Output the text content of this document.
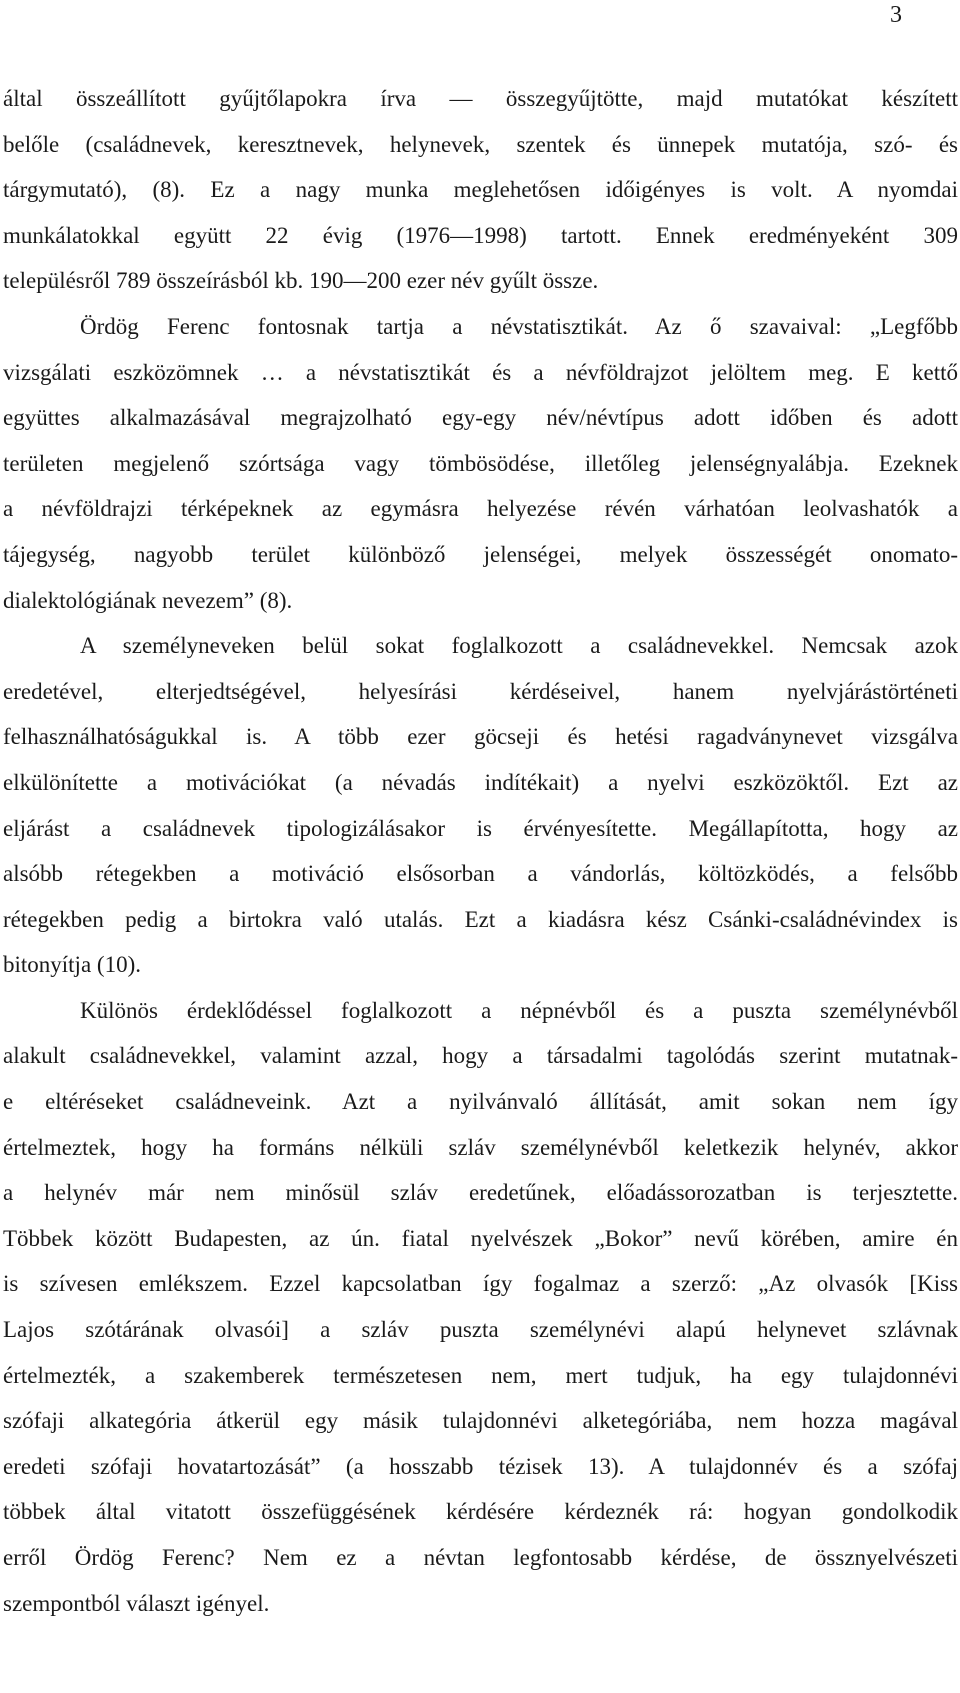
3
által összeállított gyűjtőlapokra írva — összegyűjtötte, majd mutatókat készített
belőle (családnevek, keresztnevek, helynevek, szentek és ünnepek mutatója, szó- és
tárgymutató), (8). Ez a nagy munka meglehetősen időigényes is volt. A nyomdai
munkálatokkal együtt 22 évig (1976—1998) tartott. Ennek eredményeként 309
településről 789 összeírásból kb. 190—200 ezer név gyűlt össze.
Ördög Ferenc fontosnak tartja a névstatisztikát. Az ő szavaival: „Legfőbb
vizsgálati eszközömnek … a névstatisztikát és a névföldrajzot jelöltem meg. E kettő
együttes alkalmazásával megrajzolható egy-egy név/névtípus adott időben és adott
területen megjelenő szórtsága vagy tömbösödése, illetőleg jelenségnyalábja. Ezeknek
a névföldrajzi térképeknek az egymásra helyezése révén várhatóan leolvashatók a
tájegység, nagyobb terület különböző jelenségei, melyek összességét onomato-
dialektológiának nevezem” (8).
A személyneveken belül sokat foglalkozott a családnevekkel. Nemcsak azok
eredetével, elterjedtségével, helyesírási kérdéseivel, hanem nyelvjárástörténeti
felhasználhatóságukkal is. A több ezer göcseji és hetési ragadványnevet vizsgálva
elkülönítette a motivációkat (a névadás indítékait) a nyelvi eszközöktől. Ezt az
eljárást a családnevek tipologizálásakor is érvényesítette. Megállapította, hogy az
alsóbb rétegekben a motiváció elsősorban a vándorlás, költözködés, a felsőbb
rétegekben pedig a birtokra való utalás. Ezt a kiadásra kész Csánki-családnévindex is
bitonyítja (10).
Különös érdeklődéssel foglalkozott a népnévből és a puszta személynévből
alakult családnevekkel, valamint azzal, hogy a társadalmi tagolódás szerint mutatnak-
e eltéréseket családneveink. Azt a nyilvánvaló állítását, amit sokan nem így
értelmeztek, hogy ha formáns nélküli szláv személynévből keletkezik helynév, akkor
a helynév már nem minősül szláv eredetűnek, előadássorozatban is terjesztette.
Többek között Budapesten, az ún. fiatal nyelvészek „Bokor” nevű körében, amire én
is szívesen emlékszem. Ezzel kapcsolatban így fogalmaz a szerző: „Az olvasók [Kiss
Lajos szótárának olvasói] a szláv puszta személynévi alapú helynevet szlávnak
értelmezték, a szakemberek természetesen nem, mert tudjuk, ha egy tulajdonnévi
szófaji alkategória átkerül egy másik tulajdonnévi alketegóriába, nem hozza magával
eredeti szófaji hovatartozását” (a hosszabb tézisek 13). A tulajdonnév és a szófaj
többek által vitatott összefüggésének kérdésére kérdeznék rá: hogyan gondolkodik
erről Ördög Ferenc? Nem ez a névtan legfontosabb kérdése, de össznyelvészeti
szempontból választ igényel.
